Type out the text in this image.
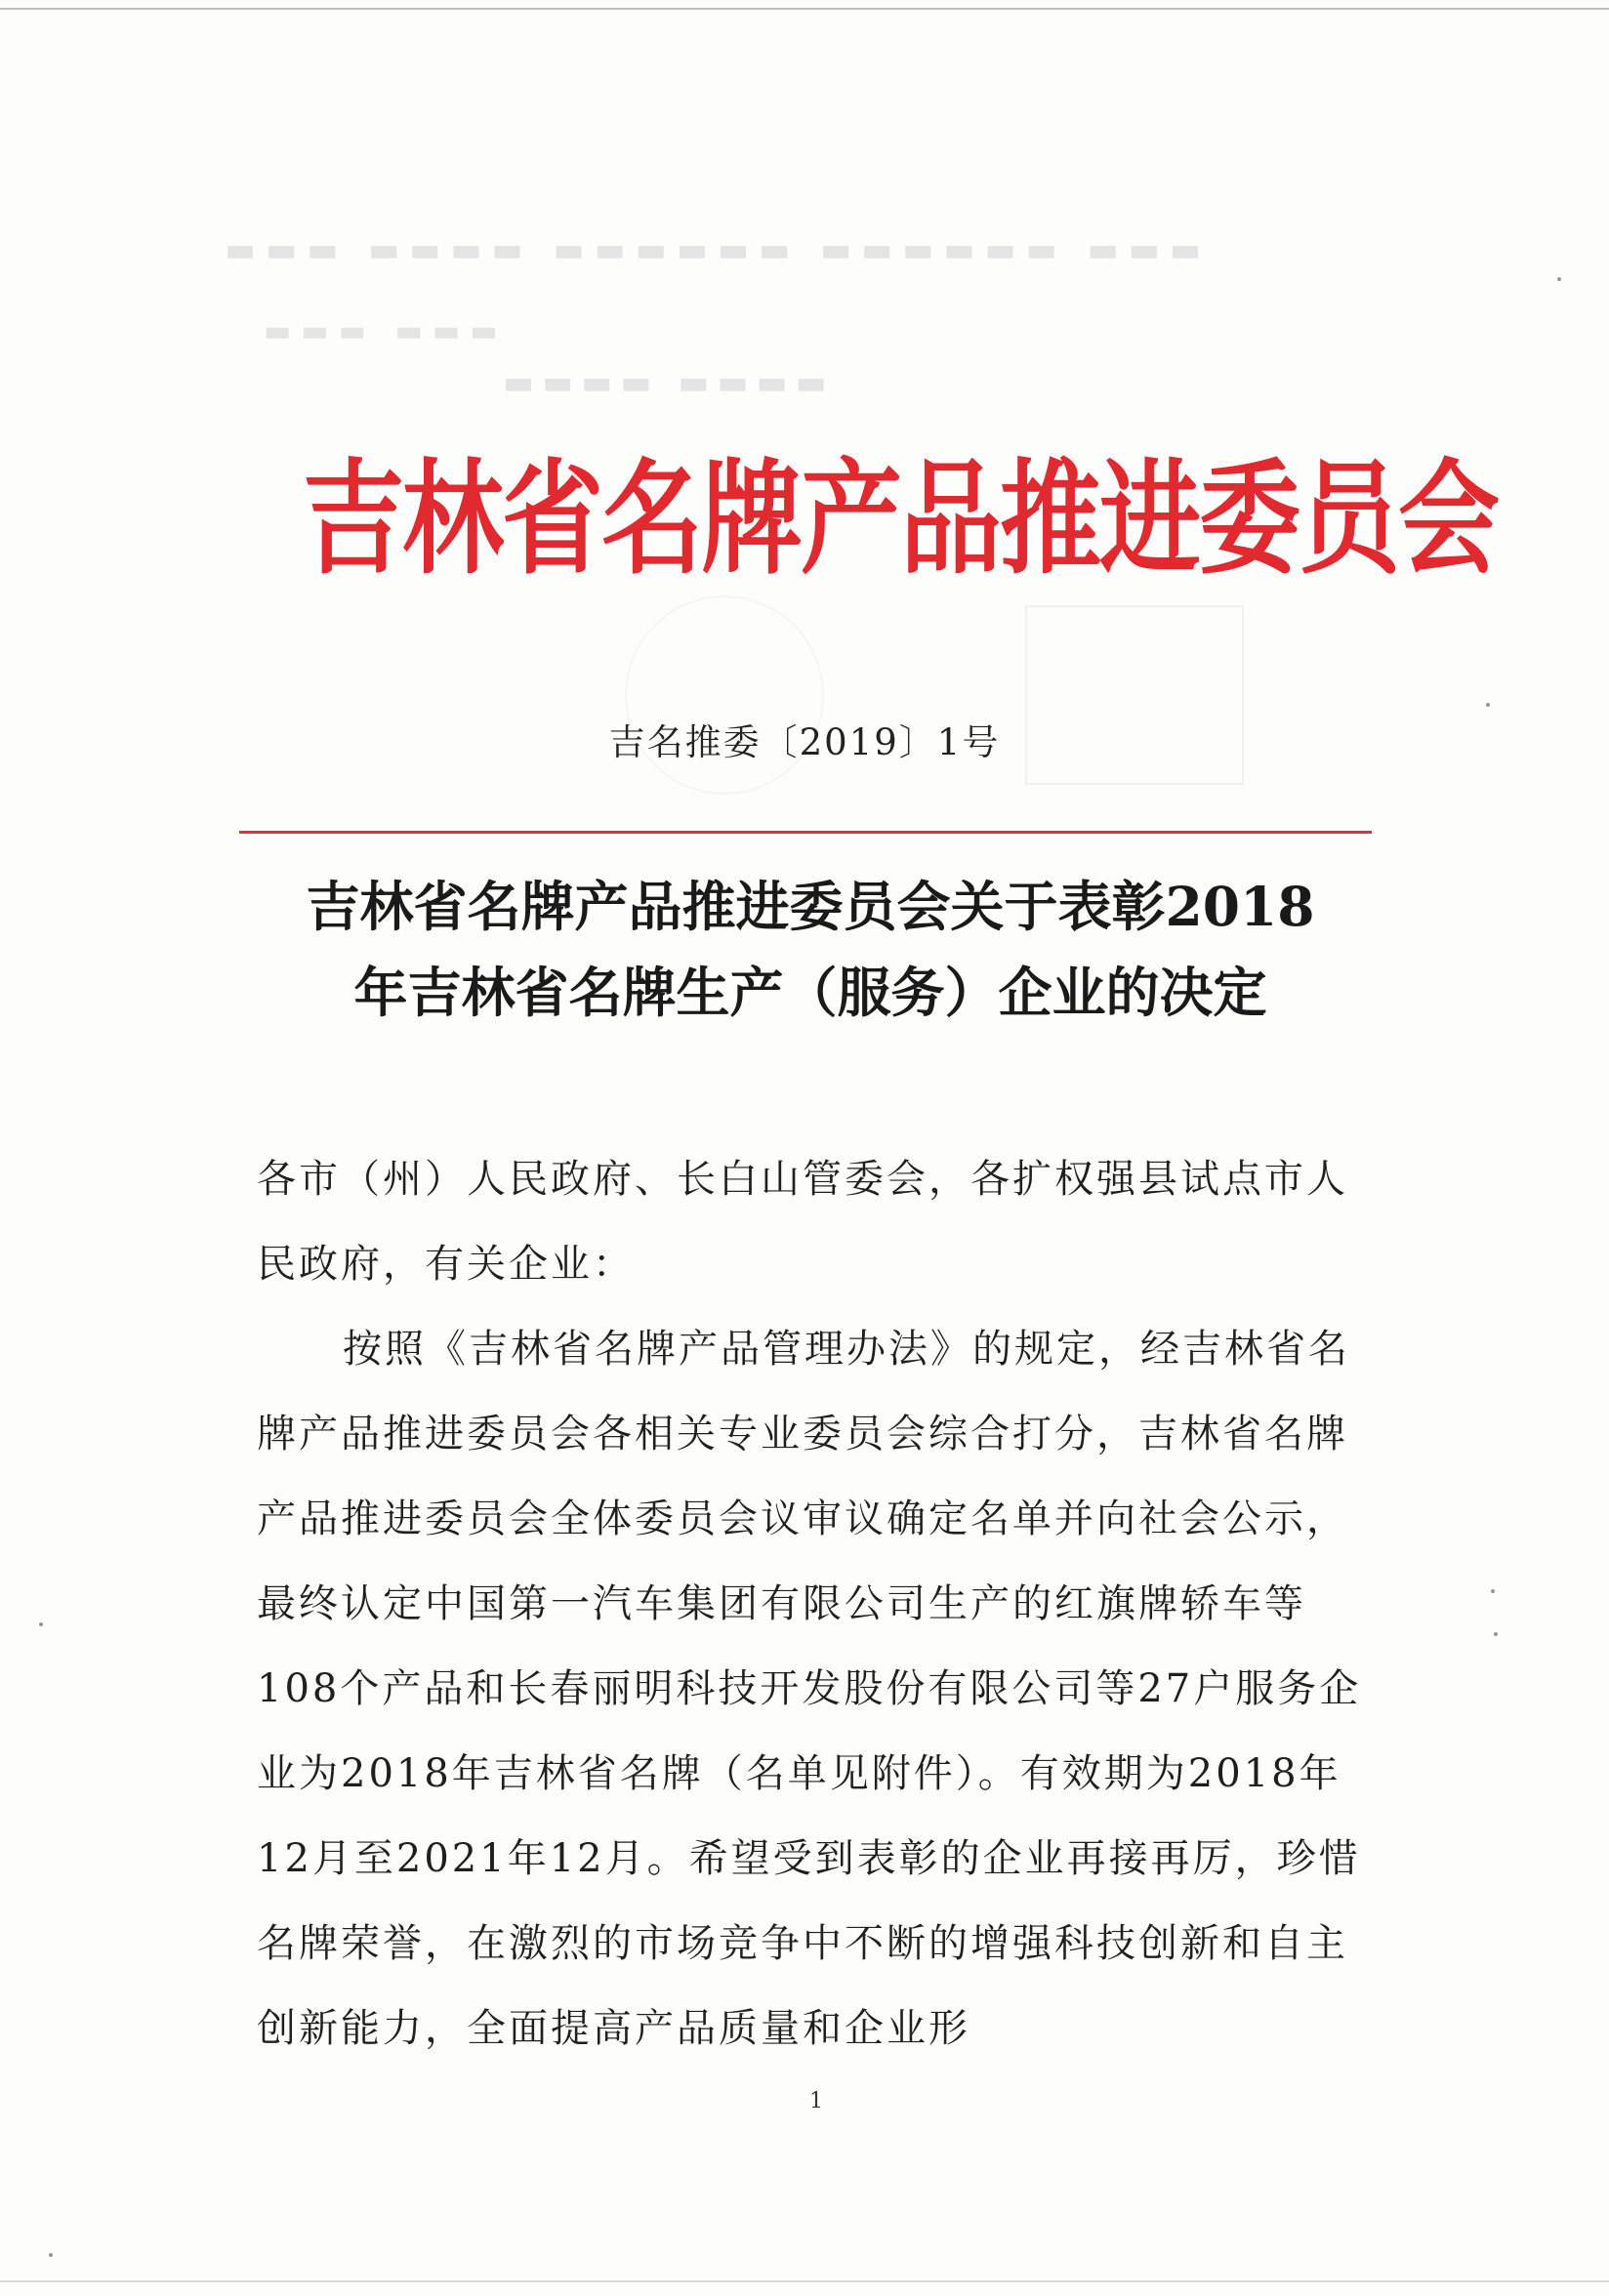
▬▬▬ ▬▬▬▬ ▬▬▬▬▬▬ ▬▬▬▬▬▬ ▬▬▬
▬▬▬ ▬▬▬
▬▬▬▬ ▬▬▬▬
吉林省名牌产品推进委员会
吉名推委〔2019〕1号
吉林省名牌产品推进委员会关于表彰2018
年吉林省名牌生产（服务）企业的决定

各市（州）人民政府、长白山管委会，各扩权强县试点市人民政府，有关企业：

按照《吉林省名牌产品管理办法》的规定，经吉林省名牌产品推进委员会各相关专业委员会综合打分，吉林省名牌产品推进委员会全体委员会议审议确定名单并向社会公示，最终认定中国第一汽车集团有限公司生产的红旗牌轿车等108个产品和长春丽明科技开发股份有限公司等27户服务企业为2018年吉林省名牌（名单见附件）。有效期为2018年12月至2021年12月。希望受到表彰的企业再接再厉，珍惜名牌荣誉，在激烈的市场竞争中不断的增强科技创新和自主创新能力，全面提高产品质量和企业形

1
